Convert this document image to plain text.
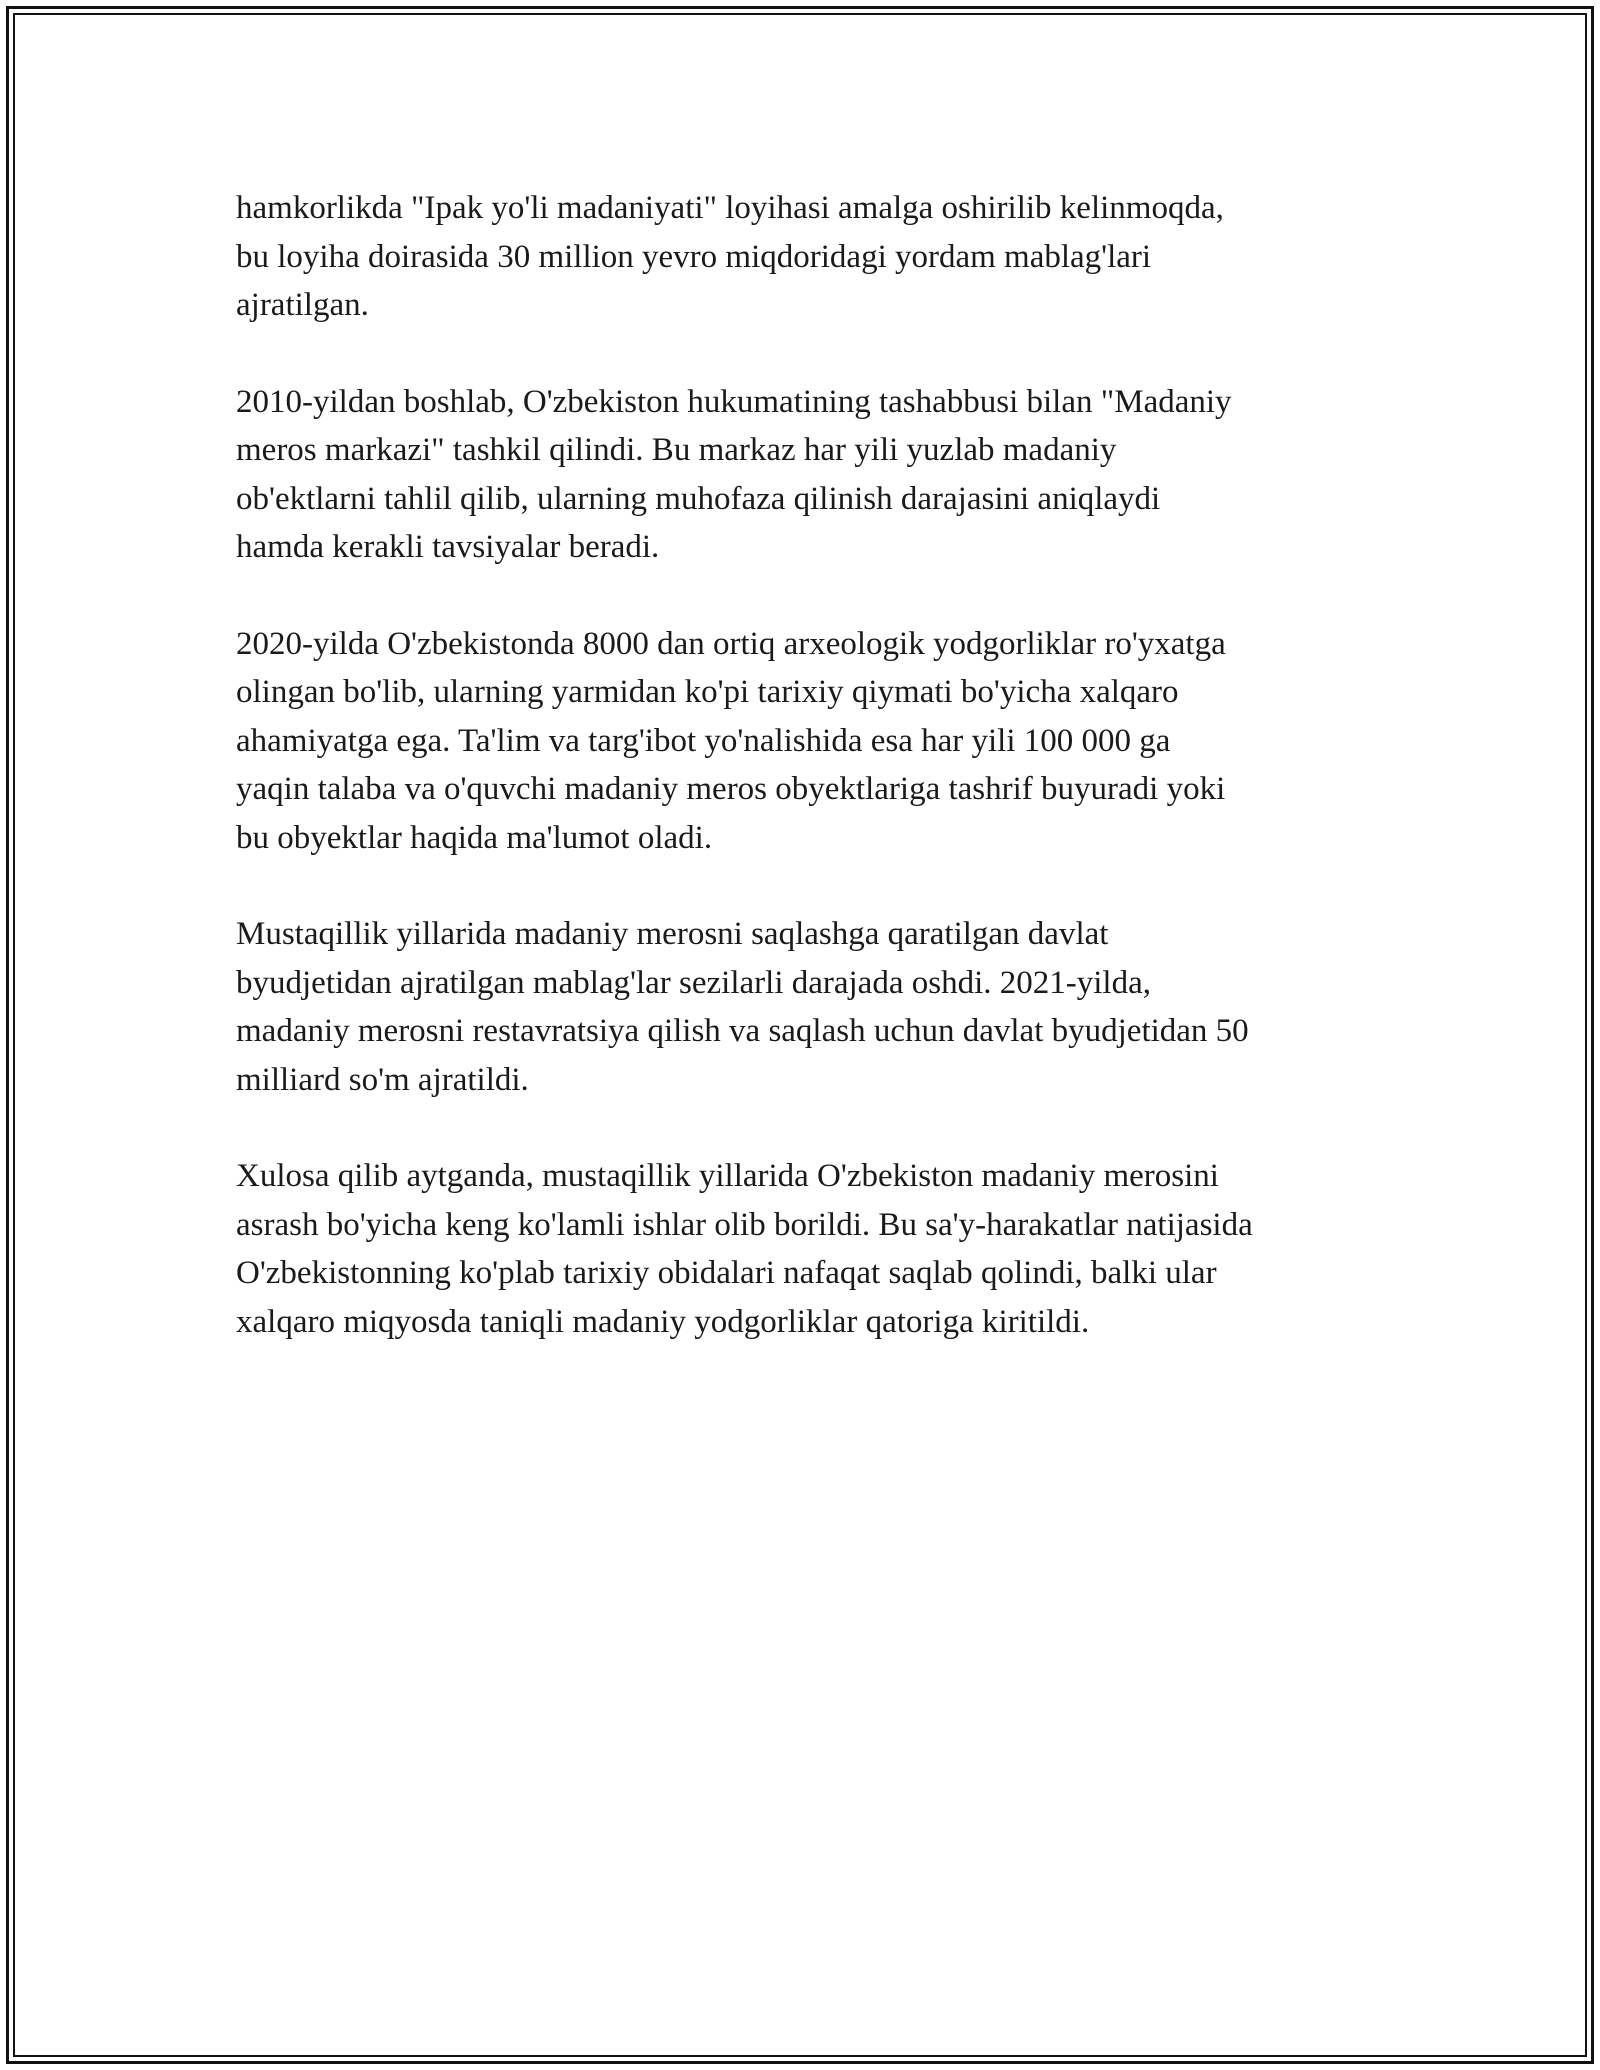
hamkorlikda "Ipak yo'li madaniyati" loyihasi amalga oshirilib kelinmoqda,
bu loyiha doirasida 30 million yevro miqdoridagi yordam mablag'lari
ajratilgan.

2010-yildan boshlab, O'zbekiston hukumatining tashabbusi bilan "Madaniy
meros markazi" tashkil qilindi. Bu markaz har yili yuzlab madaniy
ob'ektlarni tahlil qilib, ularning muhofaza qilinish darajasini aniqlaydi
hamda kerakli tavsiyalar beradi.

2020-yilda O'zbekistonda 8000 dan ortiq arxeologik yodgorliklar ro'yxatga
olingan bo'lib, ularning yarmidan ko'pi tarixiy qiymati bo'yicha xalqaro
ahamiyatga ega. Ta'lim va targ'ibot yo'nalishida esa har yili 100 000 ga
yaqin talaba va o'quvchi madaniy meros obyektlariga tashrif buyuradi yoki
bu obyektlar haqida ma'lumot oladi.

Mustaqillik yillarida madaniy merosni saqlashga qaratilgan davlat
byudjetidan ajratilgan mablag'lar sezilarli darajada oshdi. 2021-yilda,
madaniy merosni restavratsiya qilish va saqlash uchun davlat byudjetidan 50
milliard so'm ajratildi.

Xulosa qilib aytganda, mustaqillik yillarida O'zbekiston madaniy merosini
asrash bo'yicha keng ko'lamli ishlar olib borildi. Bu sa'y-harakatlar natijasida
O'zbekistonning ko'plab tarixiy obidalari nafaqat saqlab qolindi, balki ular
xalqaro miqyosda taniqli madaniy yodgorliklar qatoriga kiritildi.
